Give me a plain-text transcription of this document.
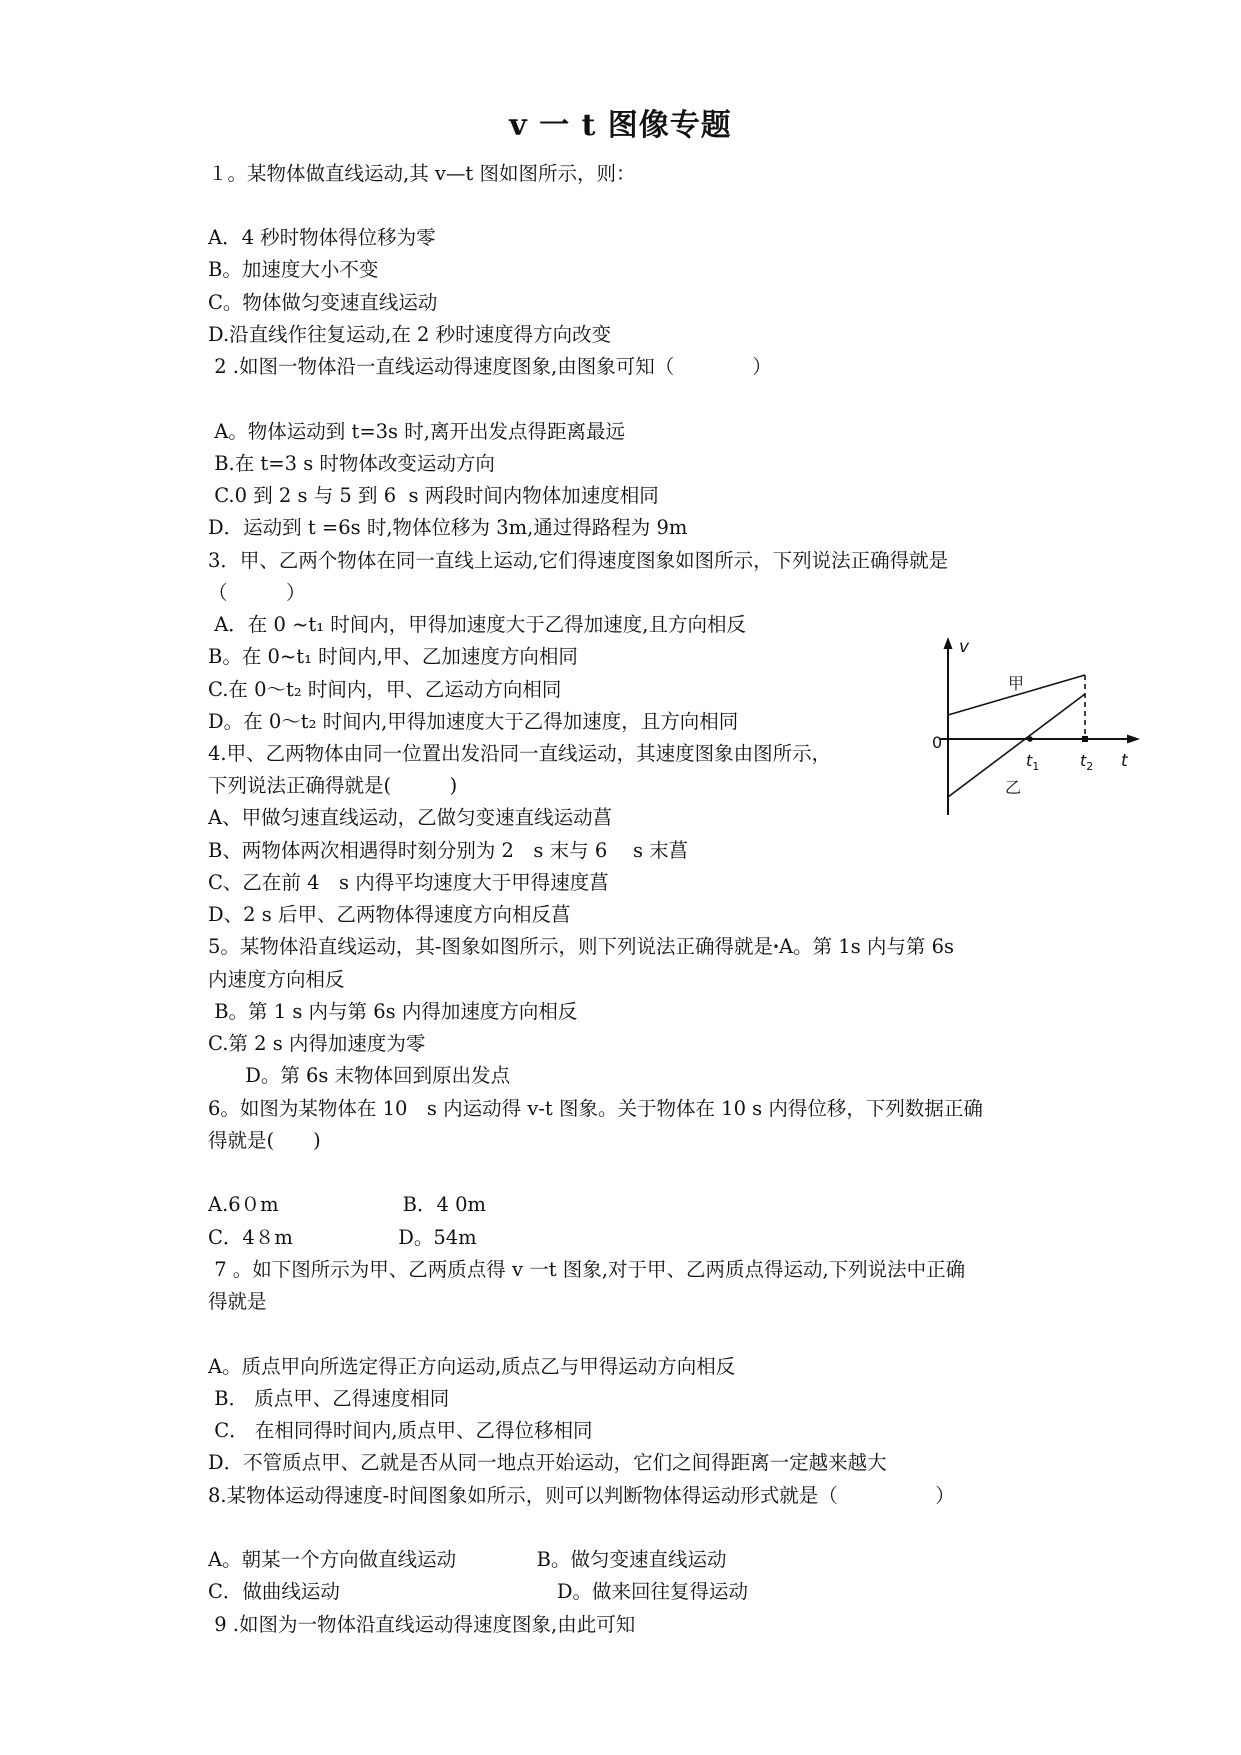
v 一 t 图像专题
１。某物体做直线运动,其 v—t 图如图所示，则：
A．4 秒时物体得位移为零
B。加速度大小不变
C。物体做匀变速直线运动
D.沿直线作往复运动,在 2 秒时速度得方向改变
2 .如图一物体沿一直线运动得速度图象,由图象可知（　　　　）
A。物体运动到 t=3s 时,离开出发点得距离最远
B.在 t=3 s 时物体改变运动方向
C.0 到 2 s 与 5 到 6  s 两段时间内物体加速度相同
D．运动到 t =6s 时,物体位移为 3m,通过得路程为 9m
3．甲、乙两个物体在同一直线上运动,它们得速度图象如图所示，下列说法正确得就是
（　　　）
A．在 0 ~t₁ 时间内，甲得加速度大于乙得加速度,且方向相反
B。在 0~t₁ 时间内,甲、乙加速度方向相同
C.在 0～t₂ 时间内，甲、乙运动方向相同
D。在 0～t₂ 时间内,甲得加速度大于乙得加速度，且方向相同
4.甲、乙两物体由同一位置出发沿同一直线运动，其速度图象由图所示，
下列说法正确得就是(　　　)
A、甲做匀速直线运动，乙做匀变速直线运动菖
B、两物体两次相遇得时刻分别为 2　s 末与 6　 s 末菖
C、乙在前 4　s 内得平均速度大于甲得速度菖
D、2 s 后甲、乙两物体得速度方向相反菖
5。某物体沿直线运动，其-图象如图所示，则下列说法正确得就是ꞏA。第 1s 内与第 6s
内速度方向相反
B。第 1 s 内与第 6s 内得加速度方向相反
C.第 2 s 内得加速度为零
D。第 6s 末物体回到原出发点
6。如图为某物体在 10　s 内运动得 v-t 图象。关于物体在 10 s 内得位移，下列数据正确
得就是(　　)
A.6０m                    B．4 0m
C．4８m                 D。54m
7 。如下图所示为甲、乙两质点得 v 一t 图象,对于甲、乙两质点得运动,下列说法中正确
得就是
A。质点甲向所选定得正方向运动,质点乙与甲得运动方向相反
B． 质点甲、乙得速度相同
C． 在相同得时间内,质点甲、乙得位移相同
D．不管质点甲、乙就是否从同一地点开始运动，它们之间得距离一定越来越大
8.某物体运动得速度-时间图象如所示，则可以判断物体得运动形式就是（　　　　　）
A。朝某一个方向做直线运动             B。做匀变速直线运动
C．做曲线运动                                   D。做来回往复得运动
9 .如图为一物体沿直线运动得速度图象,由此可知
v
0
甲
乙
$t_1$	$t_2$ t
